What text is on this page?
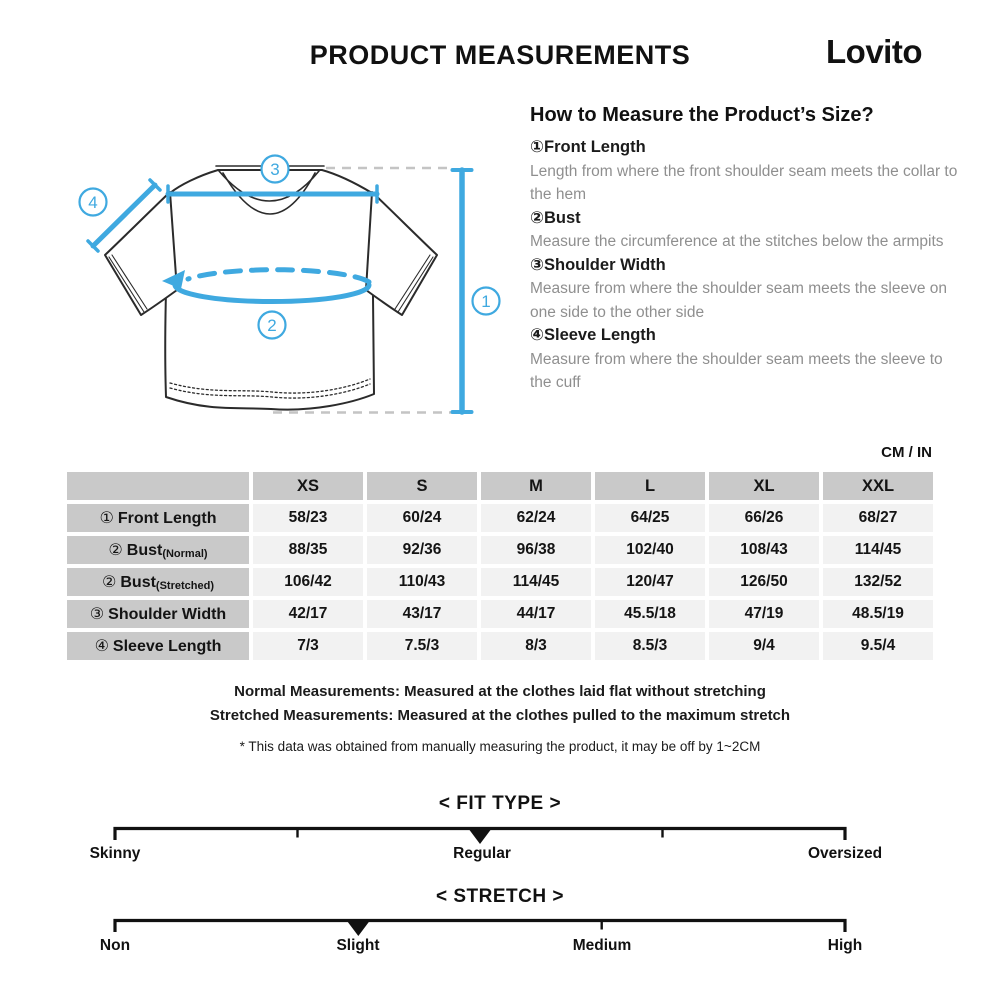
PRODUCT MEASUREMENTS	Lovito
3
4
2
1
How to Measure the Product’s Size?
①Front Length

Length from where the front shoulder seam meets the collar to the hem

②Bust

Measure the circumference at the stitches below the armpits

③Shoulder Width

Measure from where the shoulder seam meets the sleeve on one side to the other side

④Sleeve Length

Measure from where the shoulder seam meets the sleeve to the cuff

CM / IN
	XS	S	M	L	XL	XXL
① Front Length	58/23	60/24	62/24	64/25	66/26	68/27
② Bust(Normal)	88/35	92/36	96/38	102/40	108/43	114/45
② Bust(Stretched)	106/42	110/43	114/45	120/47	126/50	132/52
③ Shoulder Width	42/17	43/17	44/17	45.5/18	47/19	48.5/19
④ Sleeve Length	7/3	7.5/3	8/3	8.5/3	9/4	9.5/4
Normal Measurements: Measured at the clothes laid flat without stretching
Stretched Measurements: Measured at the clothes pulled to the maximum stretch
* This data was obtained from manually measuring the product, it may be off by 1~2CM
< FIT TYPE >
Skinny	Regular	Oversized
< STRETCH >
Non	Slight	Medium	High
